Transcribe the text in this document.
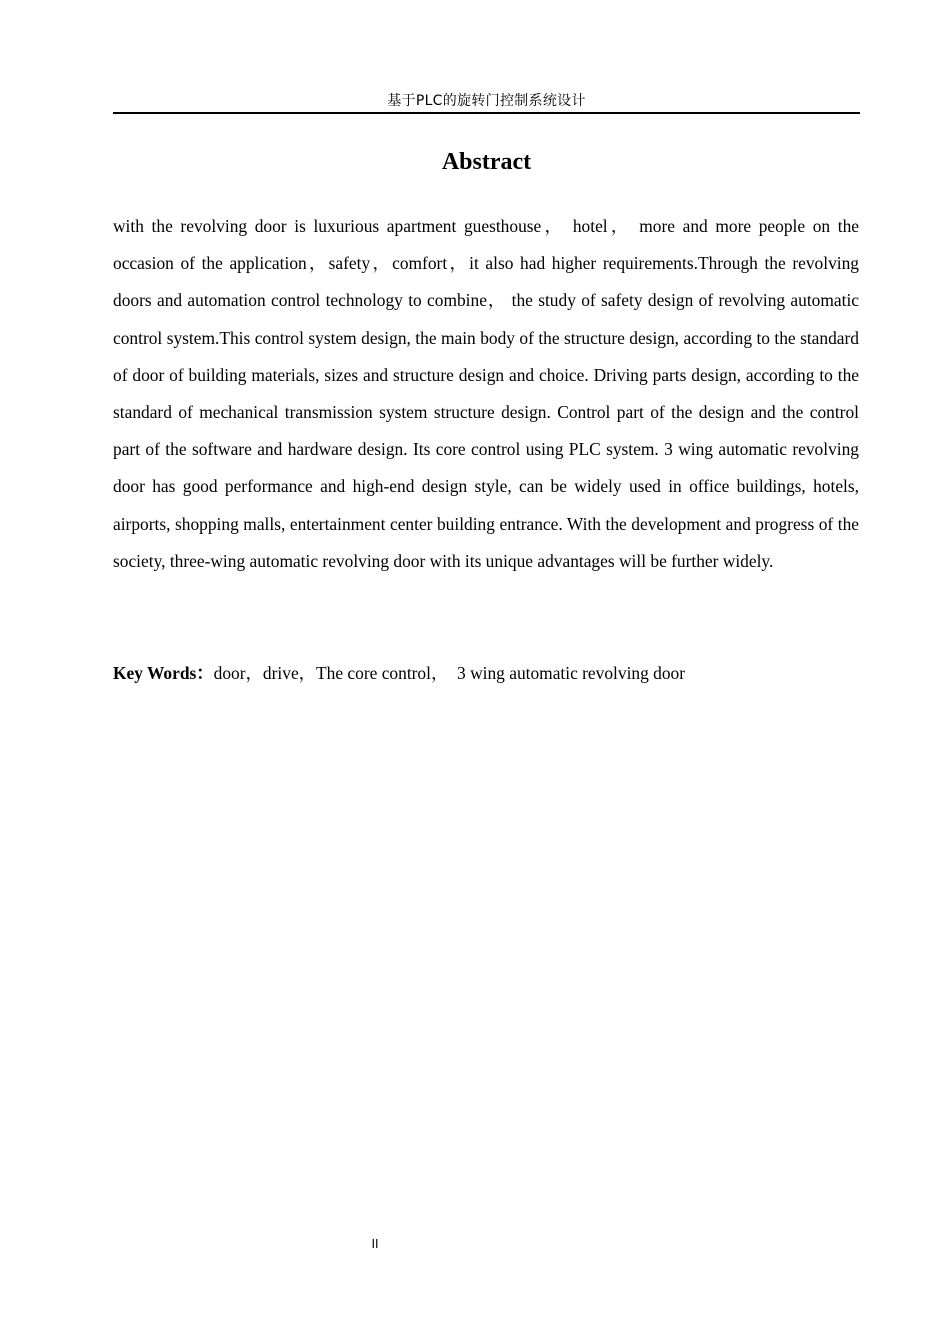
基于PLC的旋转门控制系统设计
Abstract

with the revolving door is luxurious apartment guesthouse， hotel， more and more people on the occasion of the application，safety，comfort，it also had higher requirements.Through the revolving doors and automation control technology to combine， the study of safety design of revolving automatic control system.This control system design, the main body of the structure design, according to the standard of door of building materials, sizes and structure design and choice. Driving parts design, according to the standard of mechanical transmission system structure design. Control part of the design and the control part of the software and hardware design. Its core control using PLC system. 3 wing automatic revolving door has good performance and high-end design style, can be widely used in office buildings, hotels, airports, shopping malls, entertainment center building entrance. With the development and progress of the society, three-wing automatic revolving door with its unique advantages will be further widely.

Key Words：door，drive，The core control，  3 wing automatic revolving door

II
